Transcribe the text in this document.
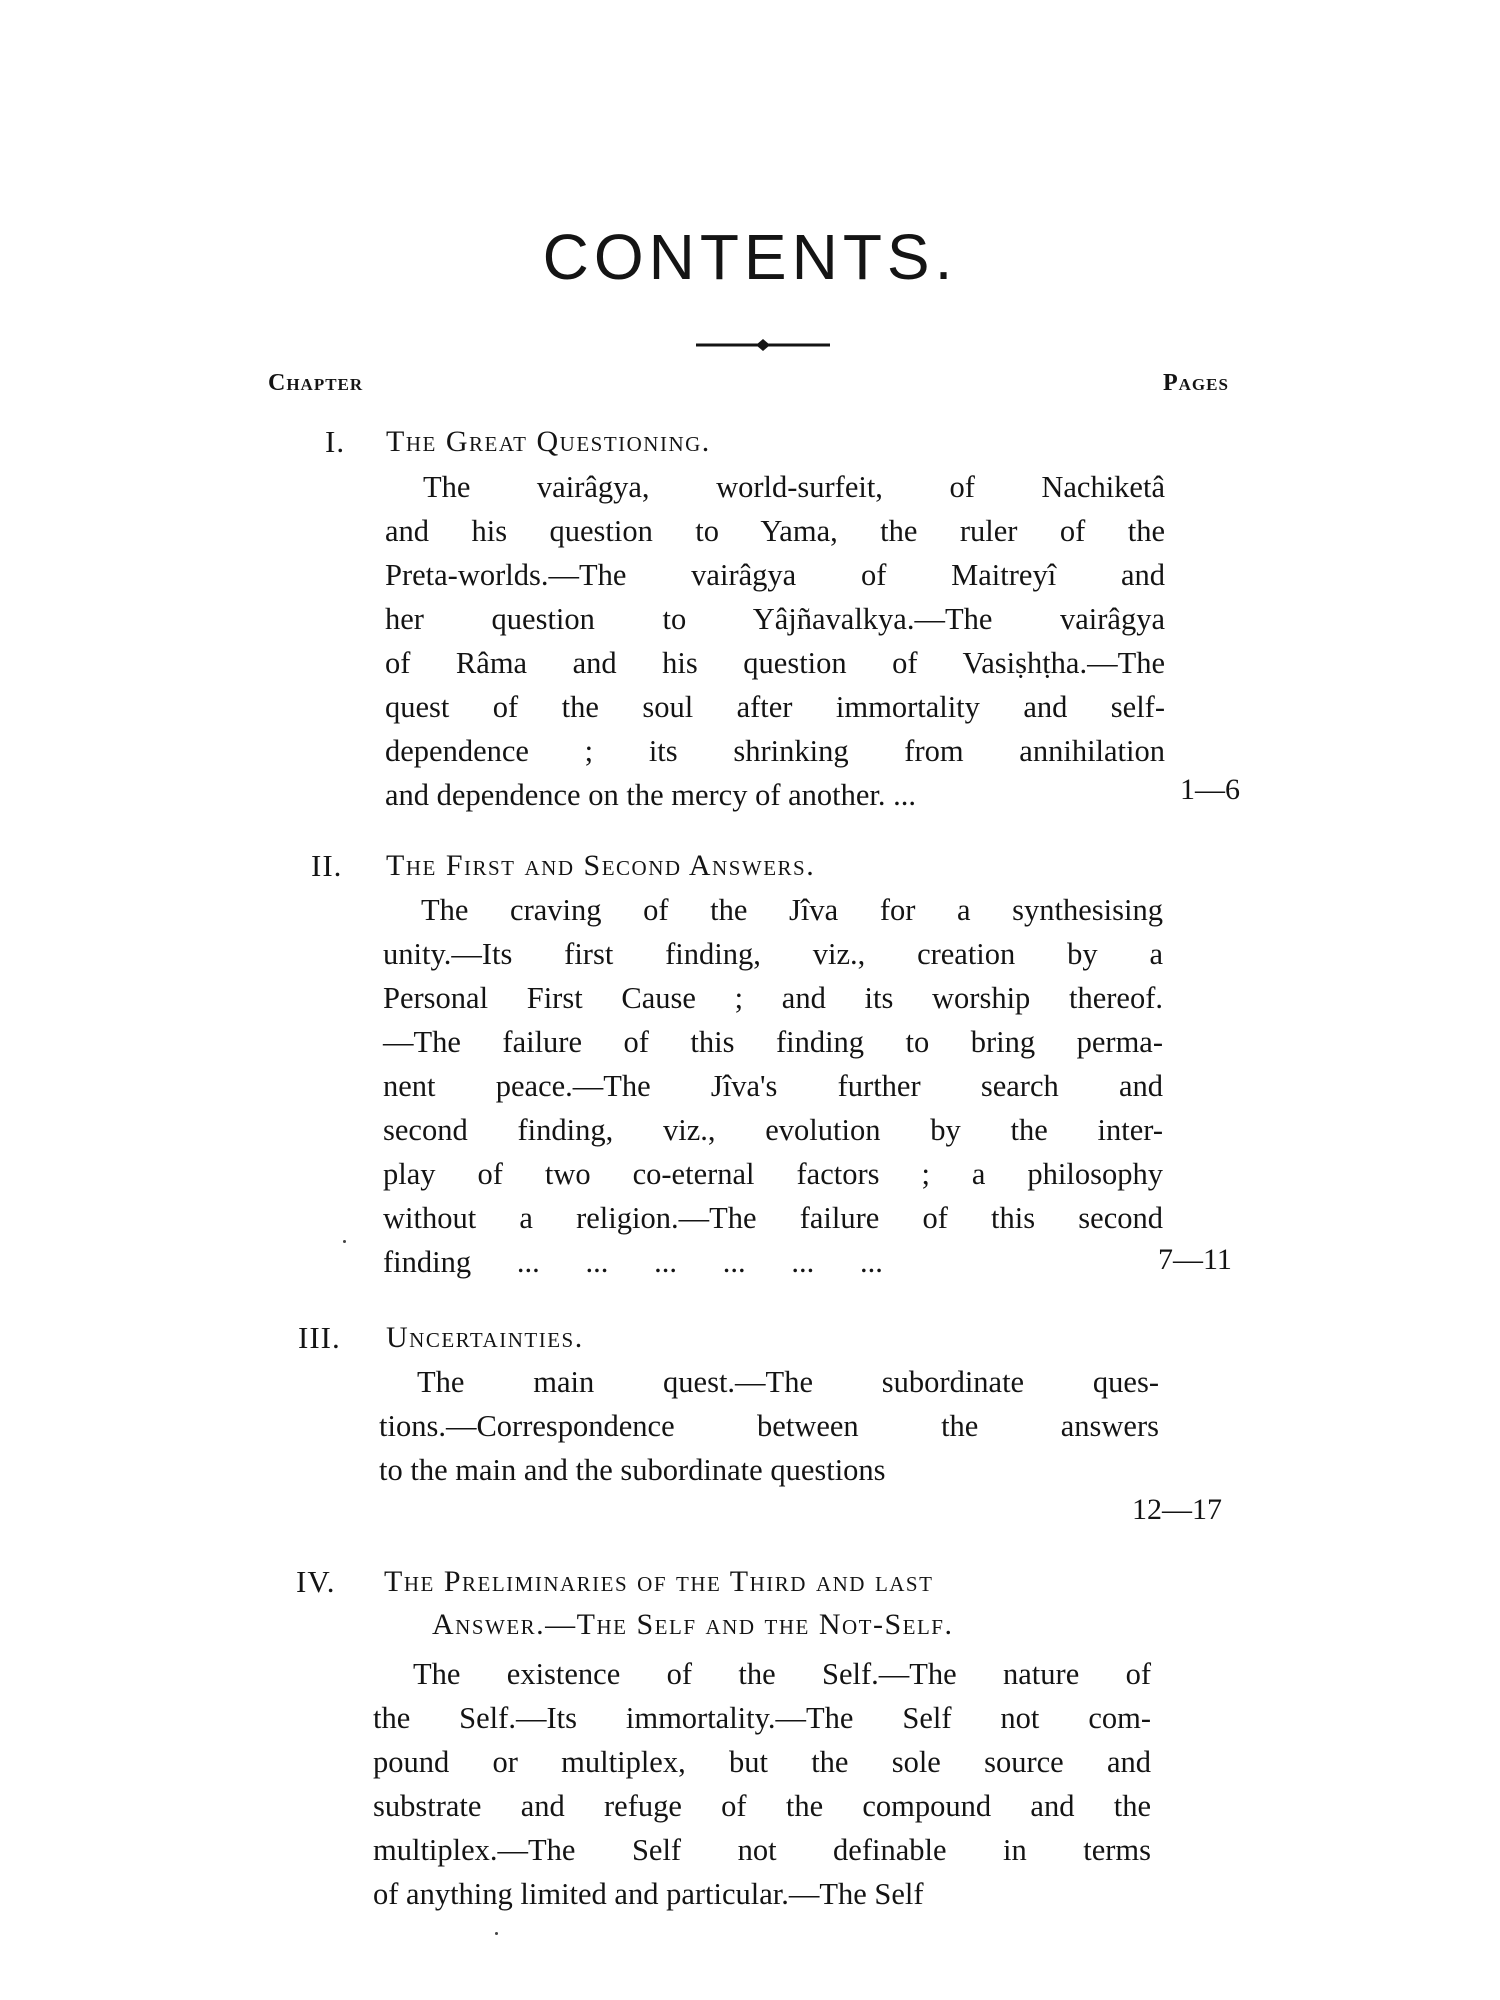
CONTENTS.
Chapter	Pages
I. The Great Questioning.
The vairâgya, world-surfeit, of Nachiketâ
and his question to Yama, the ruler of the
Preta-worlds.—The vairâgya of Maitreyî and
her question to Yâjñavalkya.—The vairâgya
of Râma and his question of Vasiṣhṭha.—The
quest of the soul after immortality and self-
dependence ; its shrinking from annihilation
and dependence on the mercy of another. ...	1—6
II. The First and Second Answers.
The craving of the Jîva for a synthesising
unity.—Its first finding, viz., creation by a
Personal First Cause ; and its worship thereof.
—The failure of this finding to bring perma-
nent peace.—The Jîva's further search and
second finding, viz., evolution by the inter-
play of two co-eternal factors ; a philosophy
without a religion.—The failure of this second
finding      ...      ...      ...      ...      ...      ...	7—11
III. Uncertainties.
The main quest.—The subordinate ques-
tions.—Correspondence between the answers
to the main and the subordinate questions
12—17
IV. The Preliminaries of the Third and last
Answer.—The Self and the Not-Self.
The existence of the Self.—The nature of
the Self.—Its immortality.—The Self not com-
pound or multiplex, but the sole source and
substrate and refuge of the compound and the
multiplex.—The Self not definable in terms
of anything limited and particular.—The Self
